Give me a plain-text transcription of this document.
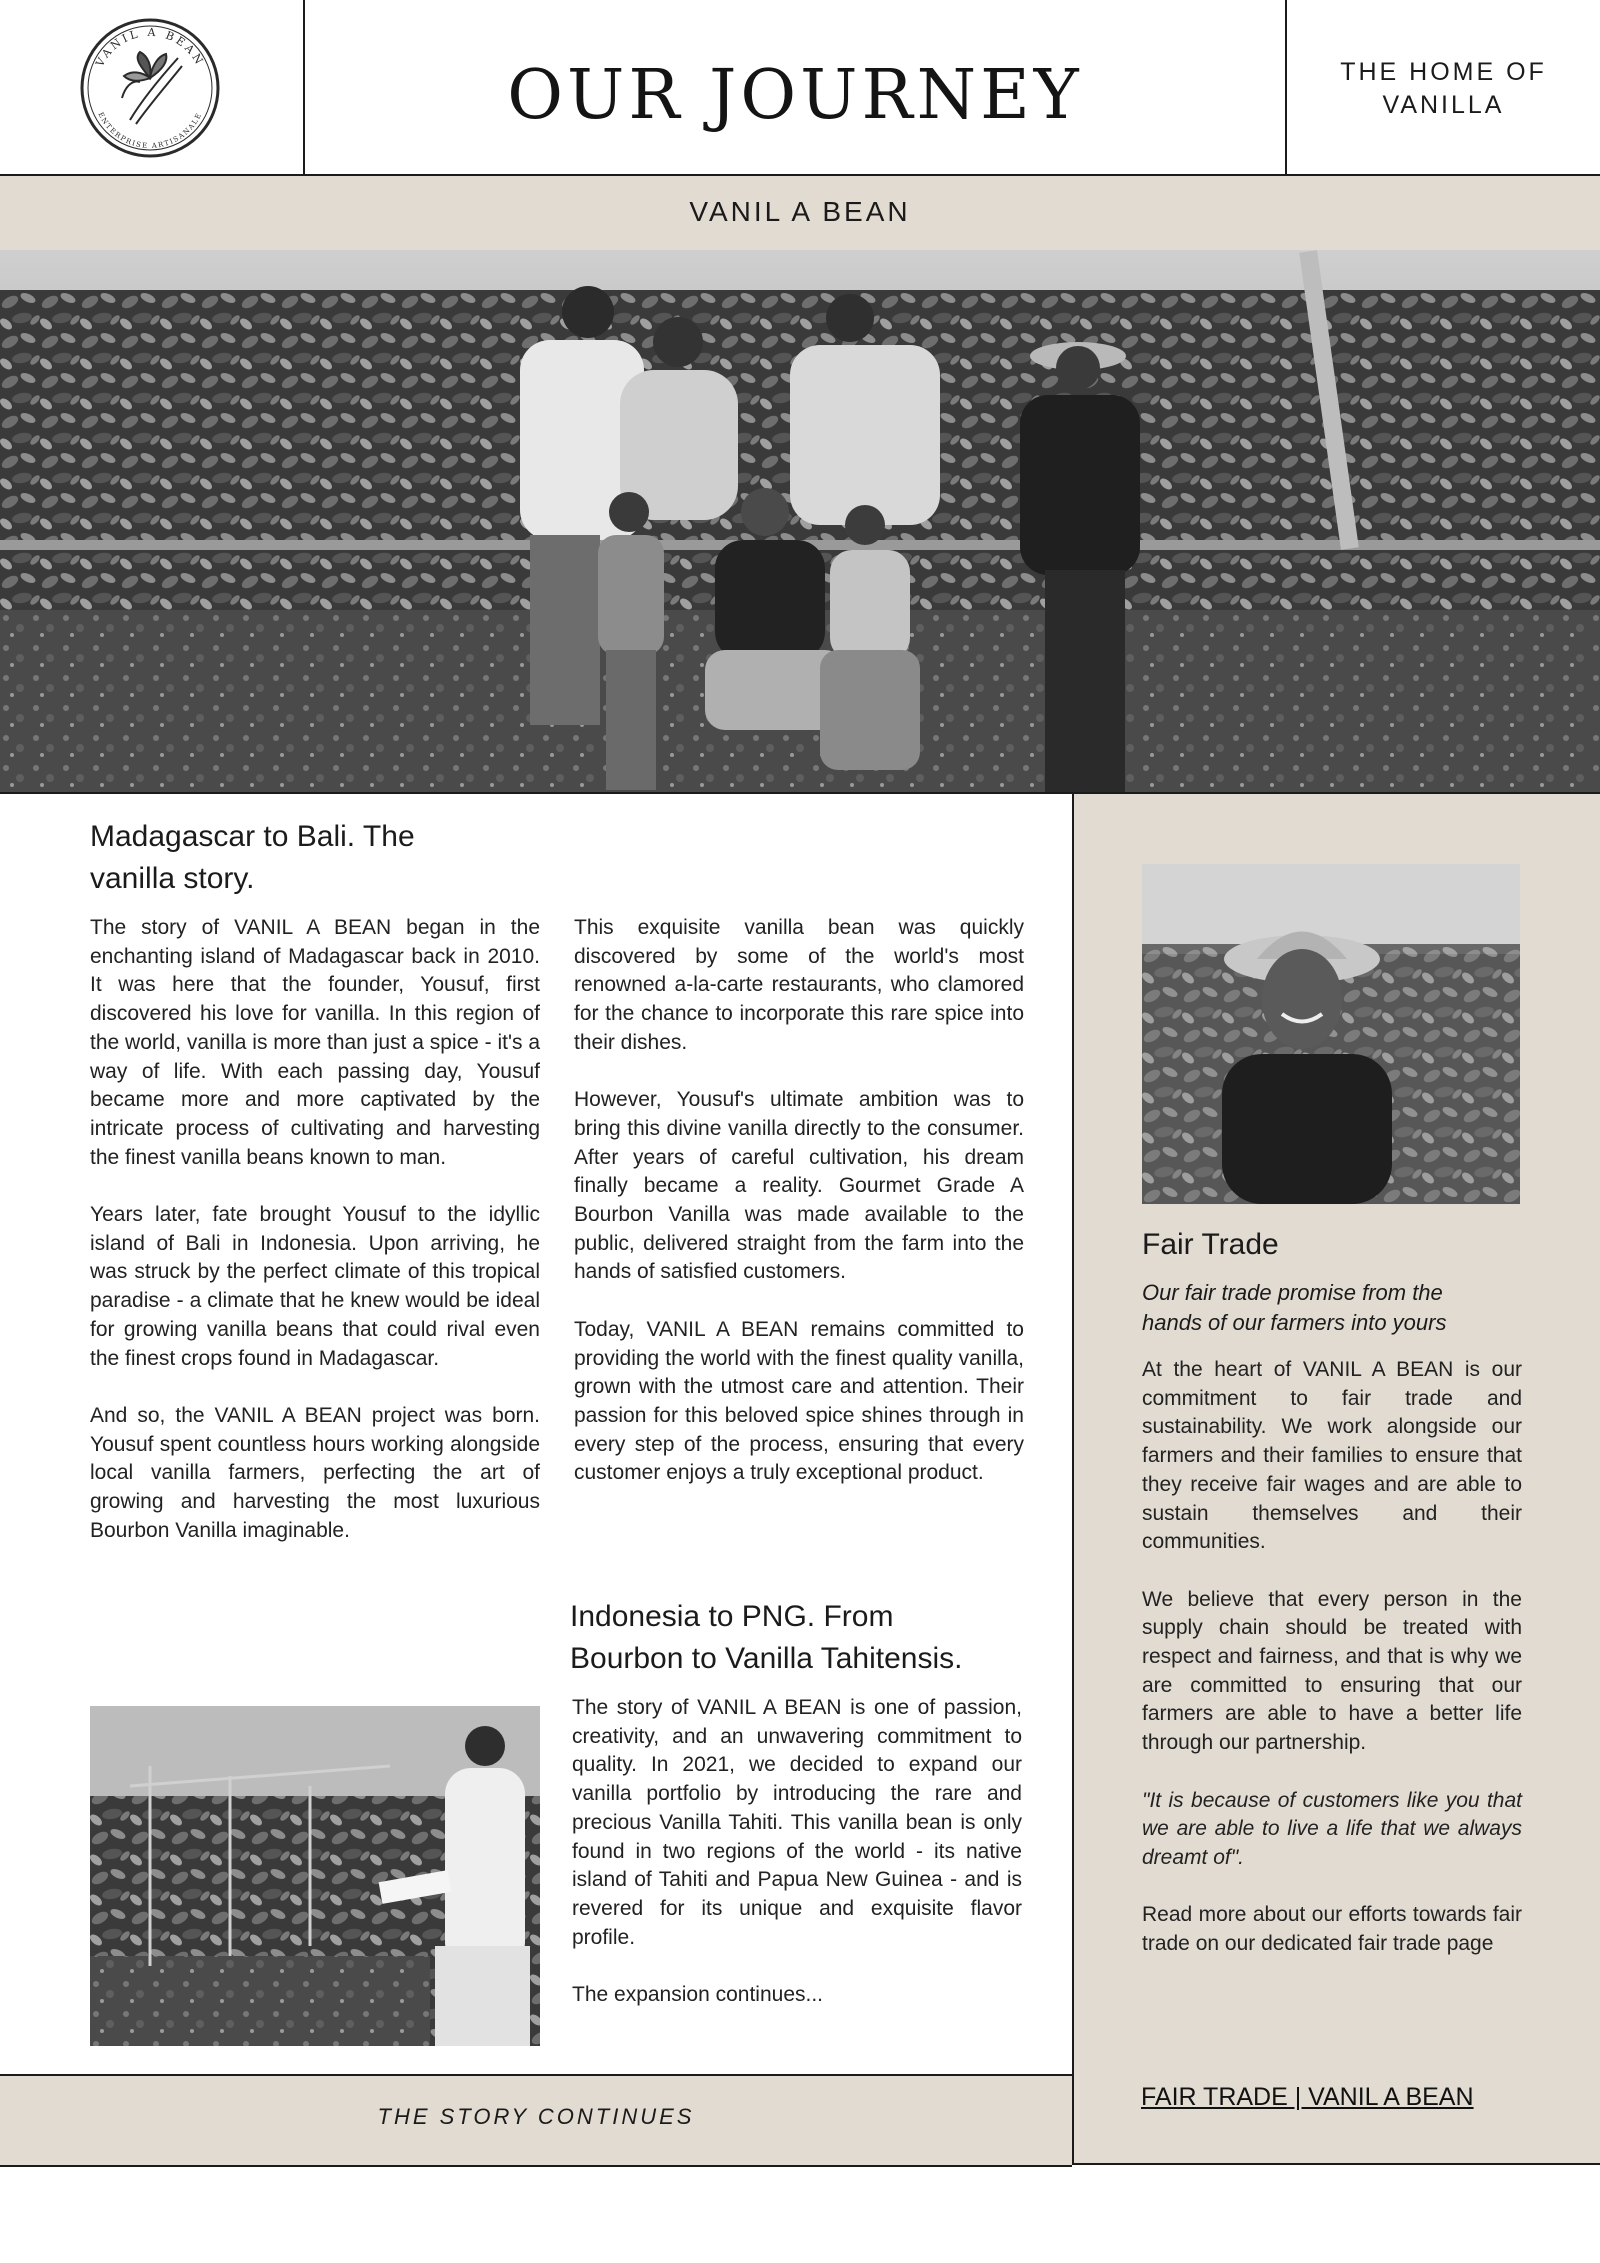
VANIL A BEAN
ENTERPRISE ARTISANALE	OUR JOURNEY	THE HOME OF
VANILLA
VANIL A BEAN
Madagascar to Bali. The
vanilla story.

The story of VANIL A BEAN began in the enchanting island of Madagascar back in 2010. It was here that the founder, Yousuf, first discovered his love for vanilla. In this region of the world, vanilla is more than just a spice - it's a way of life. With each passing day, Yousuf became more and more captivated by the intricate process of cultivating and harvesting the finest vanilla beans known to man.

Years later, fate brought Yousuf to the idyllic island of Bali in Indonesia. Upon arriving, he was struck by the perfect climate of this tropical paradise - a climate that he knew would be ideal for growing vanilla beans that could rival even the finest crops found in Madagascar.

And so, the VANIL A BEAN project was born. Yousuf spent countless hours working alongside local vanilla farmers, perfecting the art of growing and harvesting the most luxurious Bourbon Vanilla imaginable.

This exquisite vanilla bean was quickly discovered by some of the world's most renowned a-la-carte restaurants, who clamored for the chance to incorporate this rare spice into their dishes.

However, Yousuf's ultimate ambition was to bring this divine vanilla directly to the consumer. After years of careful cultivation, his dream finally became a reality. Gourmet Grade A Bourbon Vanilla was made available to the public, delivered straight from the farm into the hands of satisfied customers.

Today, VANIL A BEAN remains committed to providing the world with the finest quality vanilla, grown with the utmost care and attention. Their passion for this beloved spice shines through in every step of the process, ensuring that every customer enjoys a truly exceptional product.

Indonesia to PNG. From
Bourbon to Vanilla Tahitensis.

The story of VANIL A BEAN is one of passion, creativity, and an unwavering commitment to quality. In 2021, we decided to expand our vanilla portfolio by introducing the rare and precious Vanilla Tahiti. This vanilla bean is only found in two regions of the world - its native island of Tahiti and Papua New Guinea - and is revered for its unique and exquisite flavor profile.

The expansion continues...

Fair Trade
Our fair trade promise from the
hands of our farmers into yours

At the heart of VANIL A BEAN is our commitment to fair trade and sustainability. We work alongside our farmers and their families to ensure that they receive fair wages and are able to sustain themselves and their communities.

We believe that every person in the supply chain should be treated with respect and fairness, and that is why we are committed to ensuring that our farmers are able to have a better life through our partnership.

"It is because of customers like you that we are able to live a life that we always dreamt of".

Read more about our efforts towards fair trade on our dedicated fair trade page

THE STORY CONTINUES
FAIR TRADE | VANIL A BEAN
